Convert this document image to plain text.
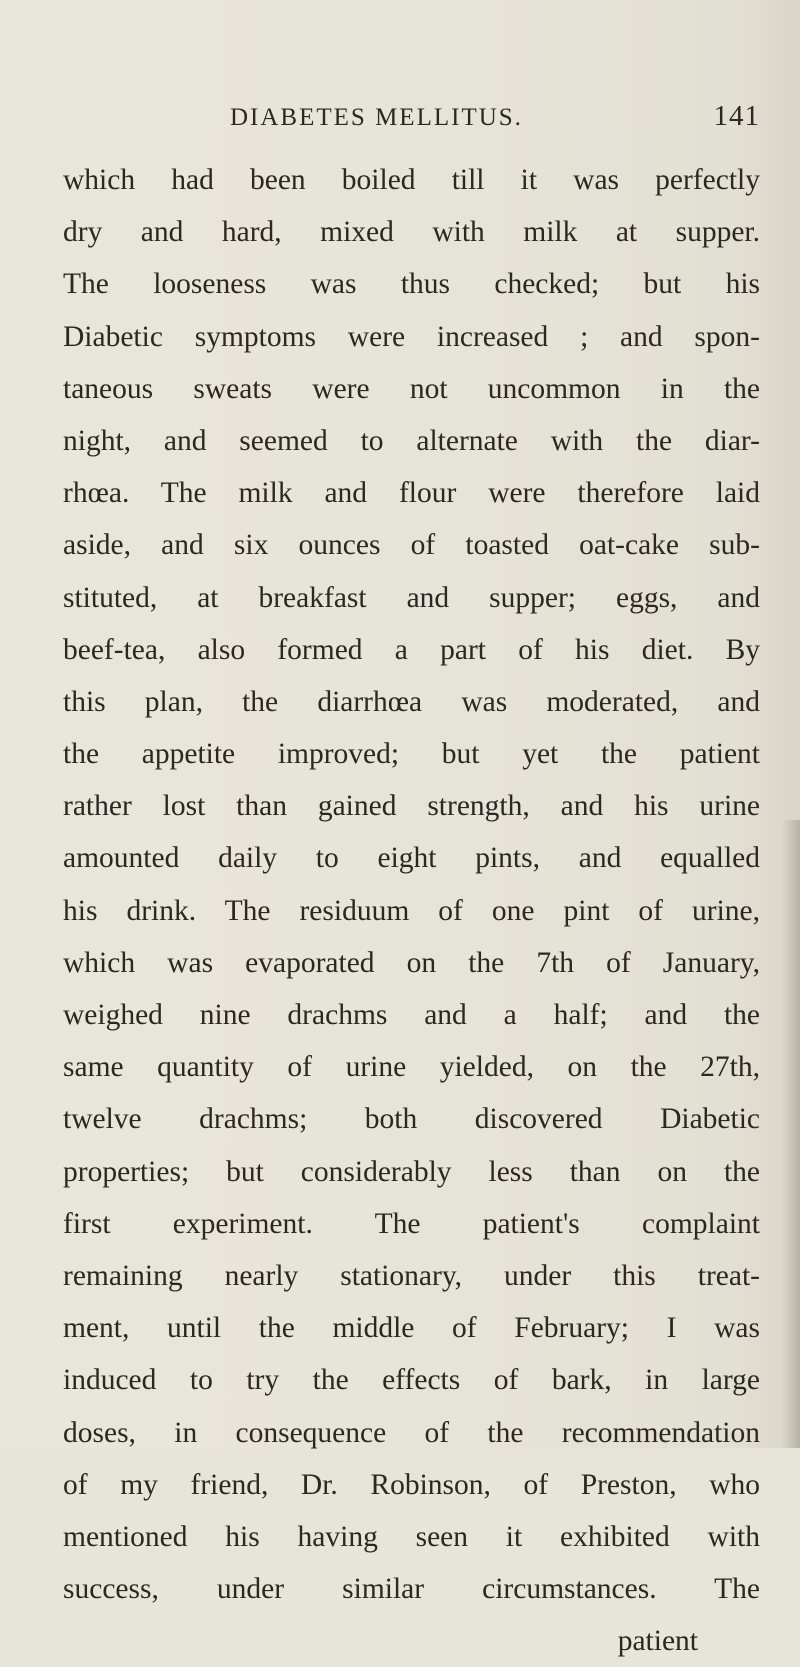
DIABETES MELLITUS.	141
which had been boiled till it was perfectly
dry and hard, mixed with milk at supper.
The looseness was thus checked; but his
Diabetic symptoms were increased ; and spon-
taneous sweats were not uncommon in the
night, and seemed to alternate with the diar-
rhœa. The milk and flour were therefore laid
aside, and six ounces of toasted oat-cake sub-
stituted, at breakfast and supper; eggs, and
beef-tea, also formed a part of his diet. By
this plan, the diarrhœa was moderated, and
the appetite improved; but yet the patient
rather lost than gained strength, and his urine
amounted daily to eight pints, and equalled
his drink. The residuum of one pint of urine,
which was evaporated on the 7th of January,
weighed nine drachms and a half; and the
same quantity of urine yielded, on the 27th,
twelve drachms; both discovered Diabetic
properties; but considerably less than on the
first experiment. The patient's complaint
remaining nearly stationary, under this treat-
ment, until the middle of February; I was
induced to try the effects of bark, in large
doses, in consequence of the recommendation
of my friend, Dr. Robinson, of Preston, who
mentioned his having seen it exhibited with
success, under similar circumstances. The
patient
